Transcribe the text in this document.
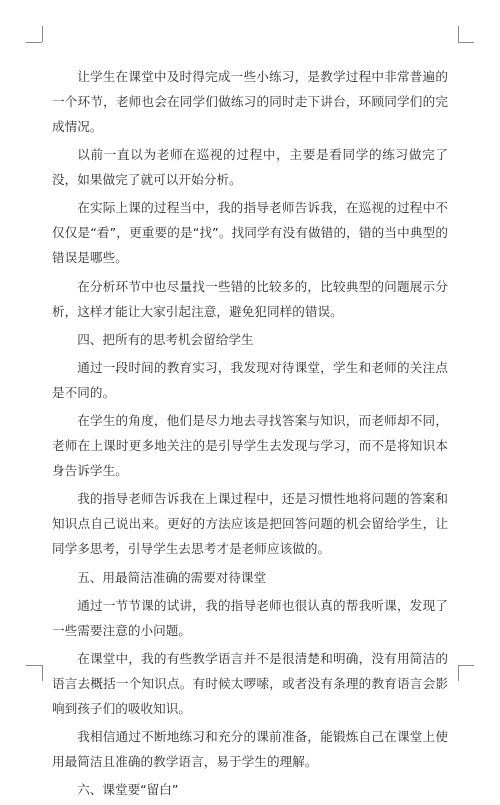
让学生在课堂中及时得完成一些小练习，是教学过程中非常普遍的一个环节，老师也会在同学们做练习的同时走下讲台，环顾同学们的完成情况。

以前一直以为老师在巡视的过程中，主要是看同学的练习做完了没，如果做完了就可以开始分析。

在实际上课的过程当中，我的指导老师告诉我，在巡视的过程中不仅仅是“看”，更重要的是“找”。找同学有没有做错的，错的当中典型的错误是哪些。

在分析环节中也尽量找一些错的比较多的，比较典型的问题展示分析，这样才能让大家引起注意，避免犯同样的错误。

四、把所有的思考机会留给学生

通过一段时间的教育实习，我发现对待课堂，学生和老师的关注点是不同的。

在学生的角度，他们是尽力地去寻找答案与知识，而老师却不同，老师在上课时更多地关注的是引导学生去发现与学习，而不是将知识本身告诉学生。

我的指导老师告诉我在上课过程中，还是习惯性地将问题的答案和知识点自己说出来。更好的方法应该是把回答问题的机会留给学生，让同学多思考，引导学生去思考才是老师应该做的。

五、用最简洁准确的需要对待课堂

通过一节节课的试讲，我的指导老师也很认真的帮我听课，发现了一些需要注意的小问题。

在课堂中，我的有些教学语言并不是很清楚和明确，没有用简洁的语言去概括一个知识点。有时候太啰嗦，或者没有条理的教育语言会影响到孩子们的吸收知识。

我相信通过不断地练习和充分的课前准备，能锻炼自己在课堂上使用最简洁且准确的教学语言，易于学生的理解。

六、课堂要“留白”
